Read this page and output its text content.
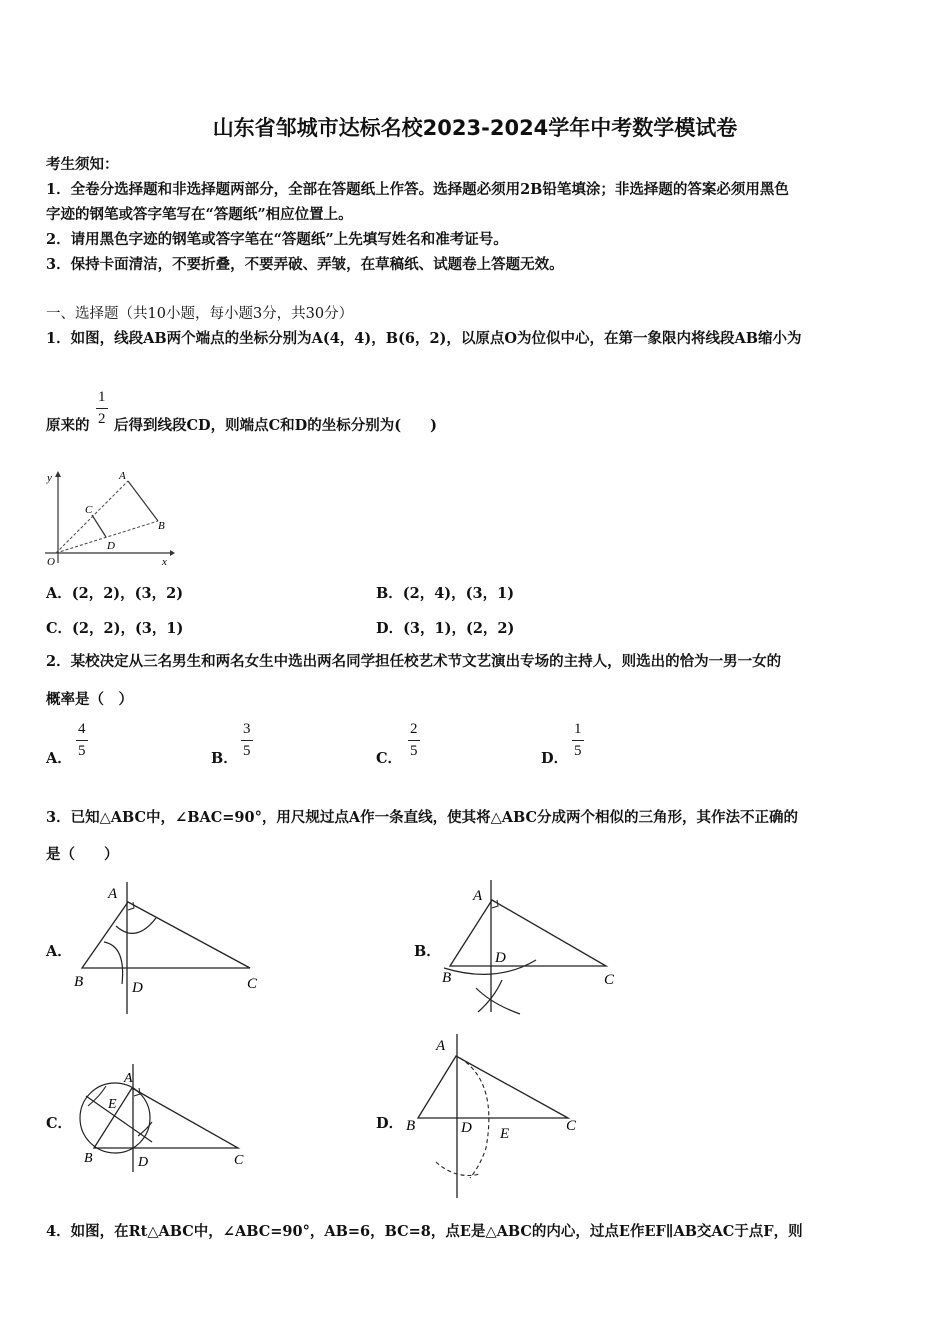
山东省邹城市达标名校2023-2024学年中考数学模试卷
考生须知：
1．全卷分选择题和非选择题两部分，全部在答题纸上作答。选择题必须用2B铅笔填涂；非选择题的答案必须用黑色
字迹的钢笔或答字笔写在“答题纸”相应位置上。
2．请用黑色字迹的钢笔或答字笔在“答题纸”上先填写姓名和准考证号。
3．保持卡面清洁，不要折叠，不要弄破、弄皱，在草稿纸、试题卷上答题无效。
一、选择题（共10小题，每小题3分，共30分）
1．如图，线段AB两个端点的坐标分别为A(4，4)，B(6，2)，以原点O为位似中心，在第一象限内将线段AB缩小为
原来的
1
2 后得到线段CD，则端点C和D的坐标分别为(　　)
y	A
C
B
D
O	x
A．(2，2)，(3，2)	B．(2，4)，(3，1)
C．(2，2)，(3，1)	D．(3，1)，(2，2)
2．某校决定从三名男生和两名女生中选出两名同学担任校艺术节文艺演出专场的主持人，则选出的恰为一男一女的
概率是（　）
A．
4
5	B．
3
5	C．
2
5	D．
1
5
3．已知△ABC中，∠BAC=90°，用尺规过点A作一条直线，使其将△ABC分成两个相似的三角形，其作法不正确的
是（　　）
A．
A
B	D	C
B．
A
D
B	C
C．
A
E
B	D	C
D．
A
B	D E	C
4．如图，在Rt△ABC中，∠ABC=90°，AB=6，BC=8，点E是△ABC的内心，过点E作EF∥AB交AC于点F，则
